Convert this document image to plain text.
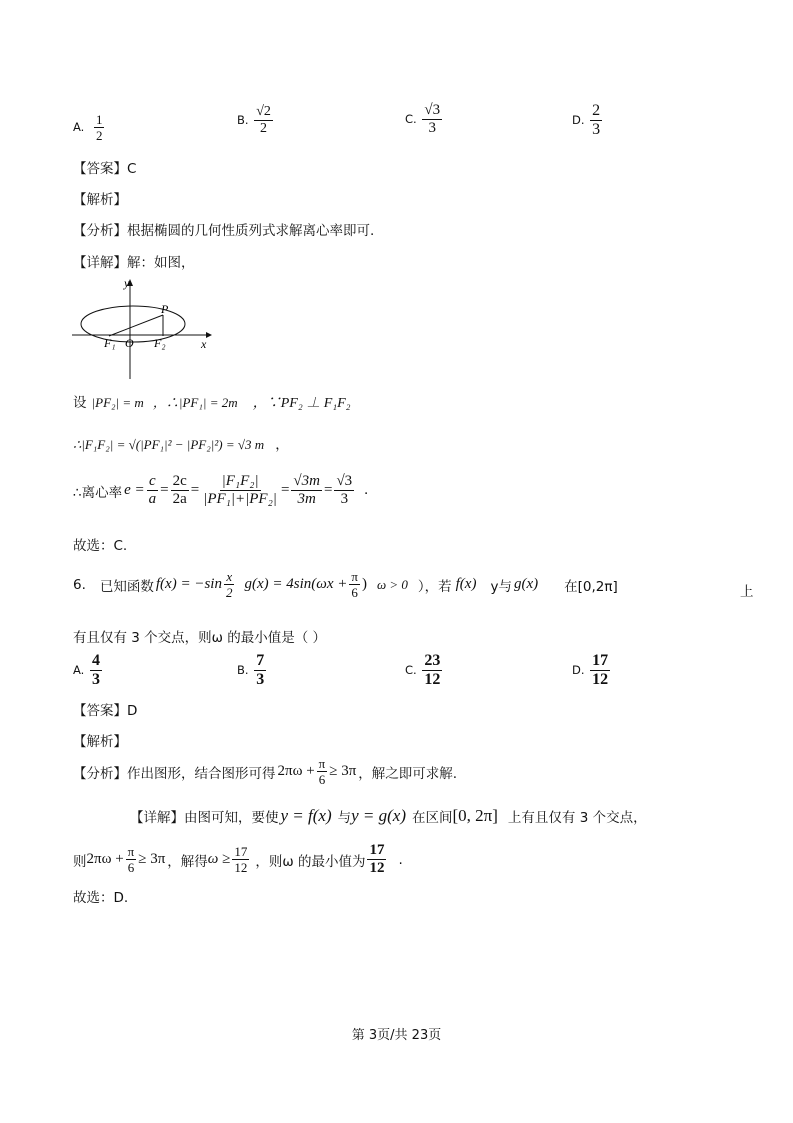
A. $\frac{1}{2}$	B. $\frac{√2}{2}$	C. $\frac{√3}{3}$	D. $\frac{2}{3}$
【答案】C
【解析】
【分析】根据椭圆的几何性质列式求解离心率即可.
【详解】解：如图，
y
x
P
F₁ O F₂
设 |PF₂| = m ，∴|PF₁| = 2m ，∵PF₂ ⊥ F₁F₂
∴|F₁F₂| = √(|PF₁|² − |PF₂|²) = √3 m ，
∴离心率 $e = \frac{c}{a} = \frac{2c}{2a} = \frac{\text{|F₁F₂|}}{\text{|PF₁|+|PF₂|}} = \frac{√3m}{3m} = \frac{√3}{3}$ .
故选：C.
6. 已知函数 $f(x) = -\sin \frac{x}{2} g(x) = 4\sin(\omega x + \frac{\pi}{6}$ ) ω > 0 ），若 f(x) y与 g(x) 在[0,2π]	上
有且仅有 3 个交点，则ω 的最小值是（ ）
A. $\frac{4}{3}$	B. $\frac{7}{3}$	C. $\frac{23}{12}$	D. $\frac{17}{12}$
【答案】D
【解析】
【分析】 作出图形，结合图形可得 $2\pi\omega + \frac{\pi}{6} \ge 3\pi$ ，解之即可求解.
【详解】 由图可知，要使 y = f(x) 与 y = g(x) 在区间 [0, 2π] 上有且仅有 3 个交点，
则 $2\pi\omega + \frac{\pi}{6} \ge 3\pi$ ，解得 $\omega \ge \frac{17}{12}$ ，则ω 的最小值为 $\frac{17}{12}$ .
故选：D.
第 3页/共 23页
